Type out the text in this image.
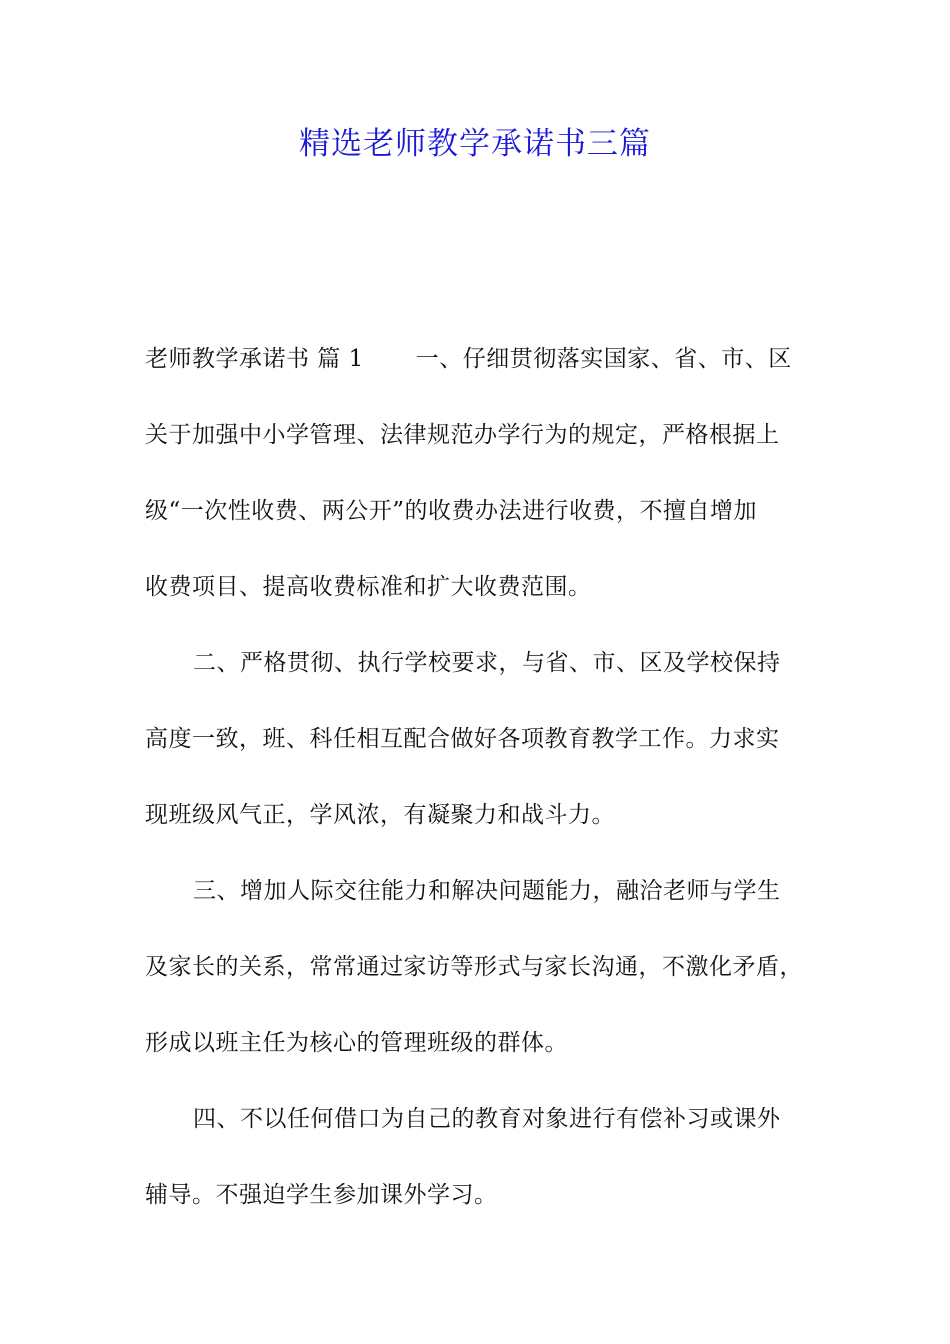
精选老师教学承诺书三篇
老师教学承诺书 篇 1 一、仔细贯彻落实国家、省、市、区
关于加强中小学管理、法律规范办学行为的规定，严格根据上
级“一次性收费、两公开”的收费办法进行收费，不擅自增加
收费项目、提高收费标准和扩大收费范围。
二、严格贯彻、执行学校要求，与省、市、区及学校保持
高度一致，班、科任相互配合做好各项教育教学工作。力求实
现班级风气正，学风浓，有凝聚力和战斗力。
三、增加人际交往能力和解决问题能力，融洽老师与学生
及家长的关系，常常通过家访等形式与家长沟通，不激化矛盾，
形成以班主任为核心的管理班级的群体。
四、不以任何借口为自己的教育对象进行有偿补习或课外
辅导。不强迫学生参加课外学习。
